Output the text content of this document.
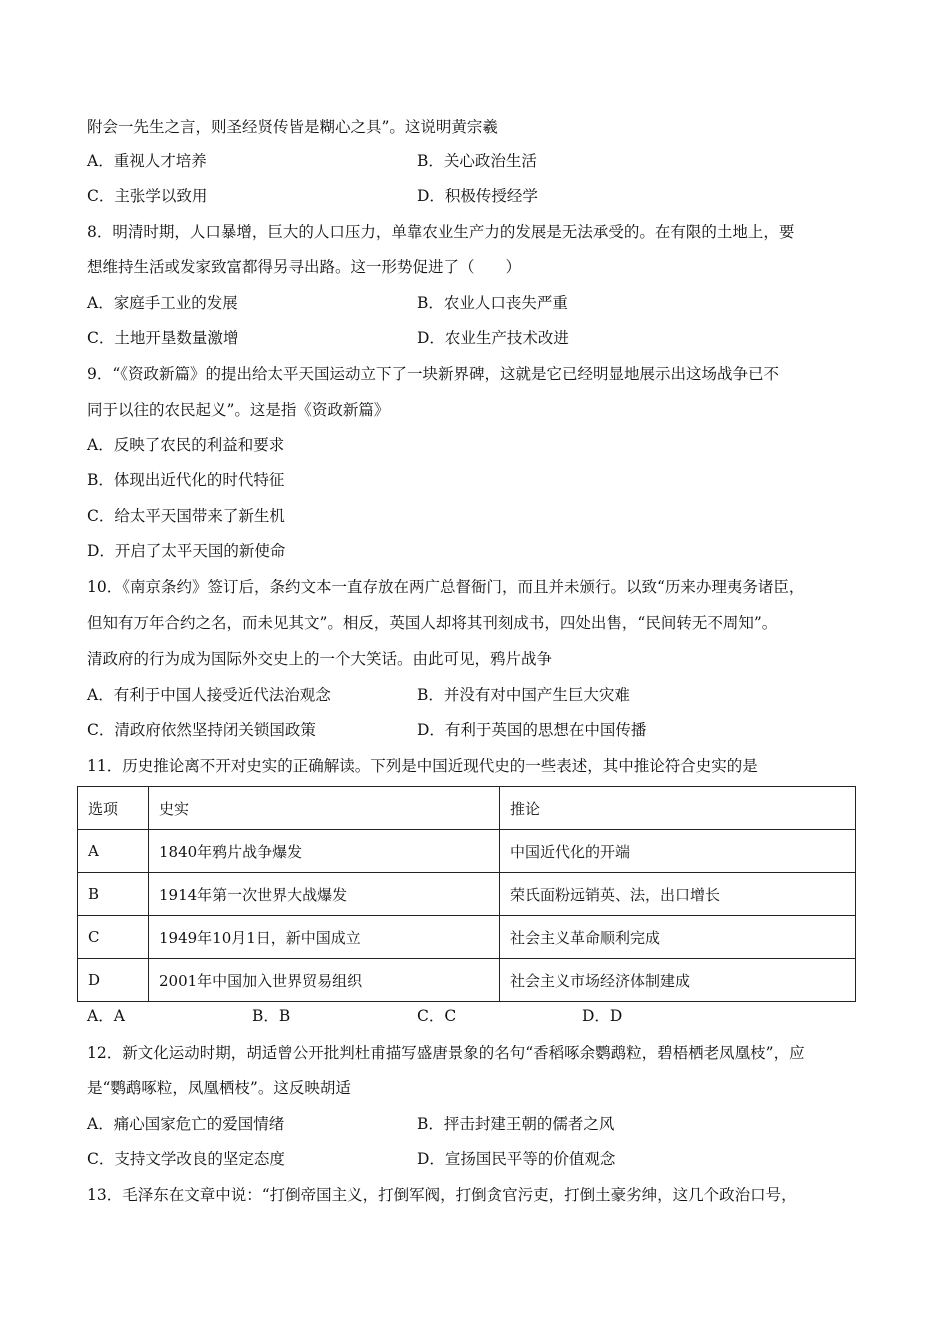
附会一先生之言，则圣经贤传皆是糊心之具”。这说明黄宗羲
A．重视人才培养	B．关心政治生活
C．主张学以致用	D．积极传授经学
8．明清时期，人口暴增，巨大的人口压力，单靠农业生产力的发展是无法承受的。在有限的土地上，要
想维持生活或发家致富都得另寻出路。这一形势促进了（　　）
A．家庭手工业的发展	B．农业人口丧失严重
C．土地开垦数量激增	D．农业生产技术改进
9．“《资政新篇》的提出给太平天国运动立下了一块新界碑，这就是它已经明显地展示出这场战争已不
同于以往的农民起义”。这是指《资政新篇》
A．反映了农民的利益和要求
B．体现出近代化的时代特征
C．给太平天国带来了新生机
D．开启了太平天国的新使命
10．《南京条约》签订后，条约文本一直存放在两广总督衙门，而且并未颁行。以致“历来办理夷务诸臣，
但知有万年合约之名，而未见其文”。相反，英国人却将其刊刻成书，四处出售，“民间转无不周知”。
清政府的行为成为国际外交史上的一个大笑话。由此可见，鸦片战争
A．有利于中国人接受近代法治观念	B．并没有对中国产生巨大灾难
C．清政府依然坚持闭关锁国政策	D．有利于英国的思想在中国传播
11．历史推论离不开对史实的正确解读。下列是中国近现代史的一些表述，其中推论符合史实的是
选项	史实	推论
A	1840年鸦片战争爆发	中国近代化的开端
B	1914年第一次世界大战爆发	荣氏面粉远销英、法，出口增长
C	1949年10月1日，新中国成立	社会主义革命顺利完成
D	2001年中国加入世界贸易组织	社会主义市场经济体制建成
A．A	B．B	C．C	D．D
12．新文化运动时期，胡适曾公开批判杜甫描写盛唐景象的名句“香稻啄余鹦鹉粒，碧梧栖老凤凰枝”，应
是“鹦鹉啄粒，凤凰栖枝”。这反映胡适
A．痛心国家危亡的爱国情绪	B．抨击封建王朝的儒者之风
C．支持文学改良的坚定态度	D．宣扬国民平等的价值观念
13．毛泽东在文章中说：“打倒帝国主义，打倒军阀，打倒贪官污吏，打倒土豪劣绅，这几个政治口号，
